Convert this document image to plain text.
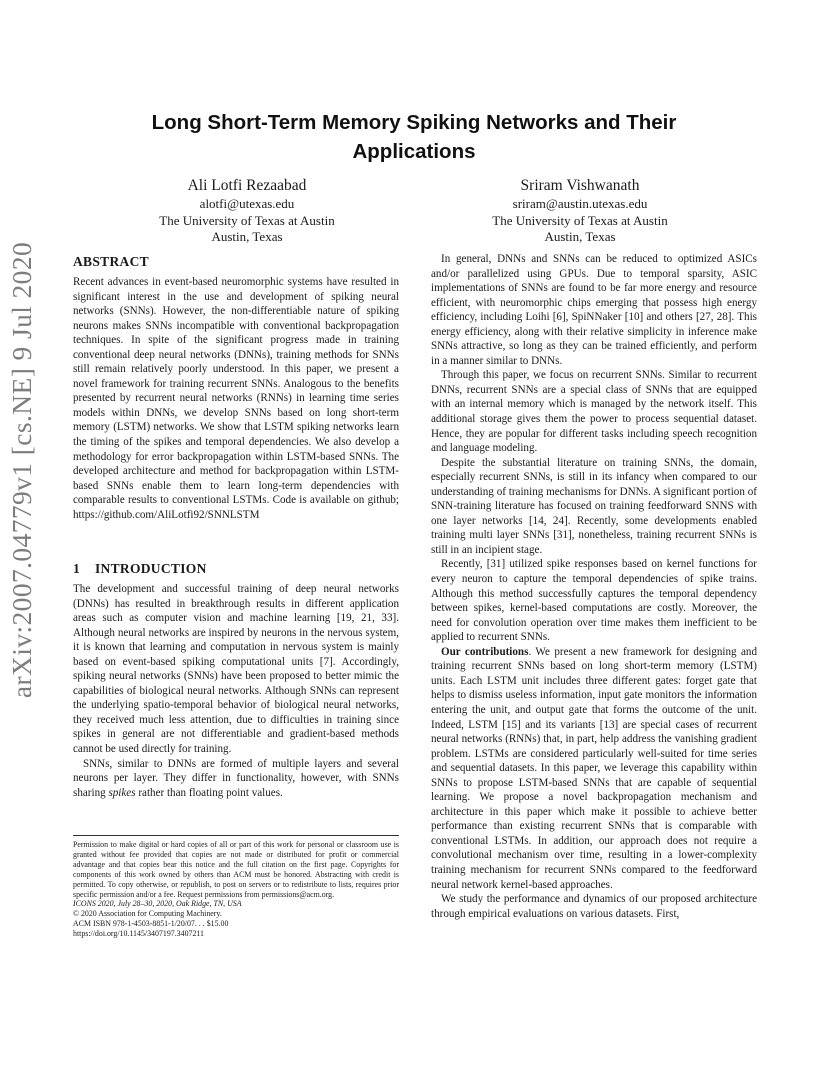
arXiv:2007.04779v1 [cs.NE] 9 Jul 2020
Long Short-Term Memory Spiking Networks and Their Applications
Ali Lotfi Rezaabad
alotfi@utexas.edu
The University of Texas at Austin
Austin, Texas
Sriram Vishwanath
sriram@austin.utexas.edu
The University of Texas at Austin
Austin, Texas
ABSTRACT

Recent advances in event-based neuromorphic systems have resulted in significant interest in the use and development of spiking neural networks (SNNs). However, the non-differentiable nature of spiking neurons makes SNNs incompatible with conventional backpropagation techniques. In spite of the significant progress made in training conventional deep neural networks (DNNs), training methods for SNNs still remain relatively poorly understood. In this paper, we present a novel framework for training recurrent SNNs. Analogous to the benefits presented by recurrent neural networks (RNNs) in learning time series models within DNNs, we develop SNNs based on long short-term memory (LSTM) networks. We show that LSTM spiking networks learn the timing of the spikes and temporal dependencies. We also develop a methodology for error backpropagation within LSTM-based SNNs. The developed architecture and method for backpropagation within LSTM-based SNNs enable them to learn long-term dependencies with comparable results to conventional LSTMs. Code is available on github; https://github.com/AliLotfi92/SNNLSTM

1 INTRODUCTION

The development and successful training of deep neural networks (DNNs) has resulted in breakthrough results in different application areas such as computer vision and machine learning [19, 21, 33]. Although neural networks are inspired by neurons in the nervous system, it is known that learning and computation in nervous system is mainly based on event-based spiking computational units [7]. Accordingly, spiking neural networks (SNNs) have been proposed to better mimic the capabilities of biological neural networks. Although SNNs can represent the underlying spatio-temporal behavior of biological neural networks, they received much less attention, due to difficulties in training since spikes in general are not differentiable and gradient-based methods cannot be used directly for training.

SNNs, similar to DNNs are formed of multiple layers and several neurons per layer. They differ in functionality, however, with SNNs sharing spikes rather than floating point values.

Permission to make digital or hard copies of all or part of this work for personal or classroom use is granted without fee provided that copies are not made or distributed for profit or commercial advantage and that copies bear this notice and the full citation on the first page. Copyrights for components of this work owned by others than ACM must be honored. Abstracting with credit is permitted. To copy otherwise, or republish, to post on servers or to redistribute to lists, requires prior specific permission and/or a fee. Request permissions from permissions@acm.org.
ICONS 2020, July 28–30, 2020, Oak Ridge, TN, USA
© 2020 Association for Computing Machinery.
ACM ISBN 978-1-4503-8851-1/20/07. . . $15.00
https://doi.org/10.1145/3407197.3407211

In general, DNNs and SNNs can be reduced to optimized ASICs and/or parallelized using GPUs. Due to temporal sparsity, ASIC implementations of SNNs are found to be far more energy and resource efficient, with neuromorphic chips emerging that possess high energy efficiency, including Loihi [6], SpiNNaker [10] and others [27, 28]. This energy efficiency, along with their relative simplicity in inference make SNNs attractive, so long as they can be trained efficiently, and perform in a manner similar to DNNs.

Through this paper, we focus on recurrent SNNs. Similar to recurrent DNNs, recurrent SNNs are a special class of SNNs that are equipped with an internal memory which is managed by the network itself. This additional storage gives them the power to process sequential dataset. Hence, they are popular for different tasks including speech recognition and language modeling.

Despite the substantial literature on training SNNs, the domain, especially recurrent SNNs, is still in its infancy when compared to our understanding of training mechanisms for DNNs. A significant portion of SNN-training literature has focused on training feedforward SNNS with one layer networks [14, 24]. Recently, some developments enabled training multi layer SNNs [31], nonetheless, training recurrent SNNs is still in an incipient stage.

Recently, [31] utilized spike responses based on kernel functions for every neuron to capture the temporal dependencies of spike trains. Although this method successfully captures the temporal dependency between spikes, kernel-based computations are costly. Moreover, the need for convolution operation over time makes them inefficient to be applied to recurrent SNNs.

Our contributions. We present a new framework for designing and training recurrent SNNs based on long short-term memory (LSTM) units. Each LSTM unit includes three different gates: forget gate that helps to dismiss useless information, input gate monitors the information entering the unit, and output gate that forms the outcome of the unit. Indeed, LSTM [15] and its variants [13] are special cases of recurrent neural networks (RNNs) that, in part, help address the vanishing gradient problem. LSTMs are considered particularly well-suited for time series and sequential datasets. In this paper, we leverage this capability within SNNs to propose LSTM-based SNNs that are capable of sequential learning. We propose a novel backpropagation mechanism and architecture in this paper which make it possible to achieve better performance than existing recurrent SNNs that is comparable with conventional LSTMs. In addition, our approach does not require a convolutional mechanism over time, resulting in a lower-complexity training mechanism for recurrent SNNs compared to the feedforward neural network kernel-based approaches.

We study the performance and dynamics of our proposed architecture through empirical evaluations on various datasets. First,
